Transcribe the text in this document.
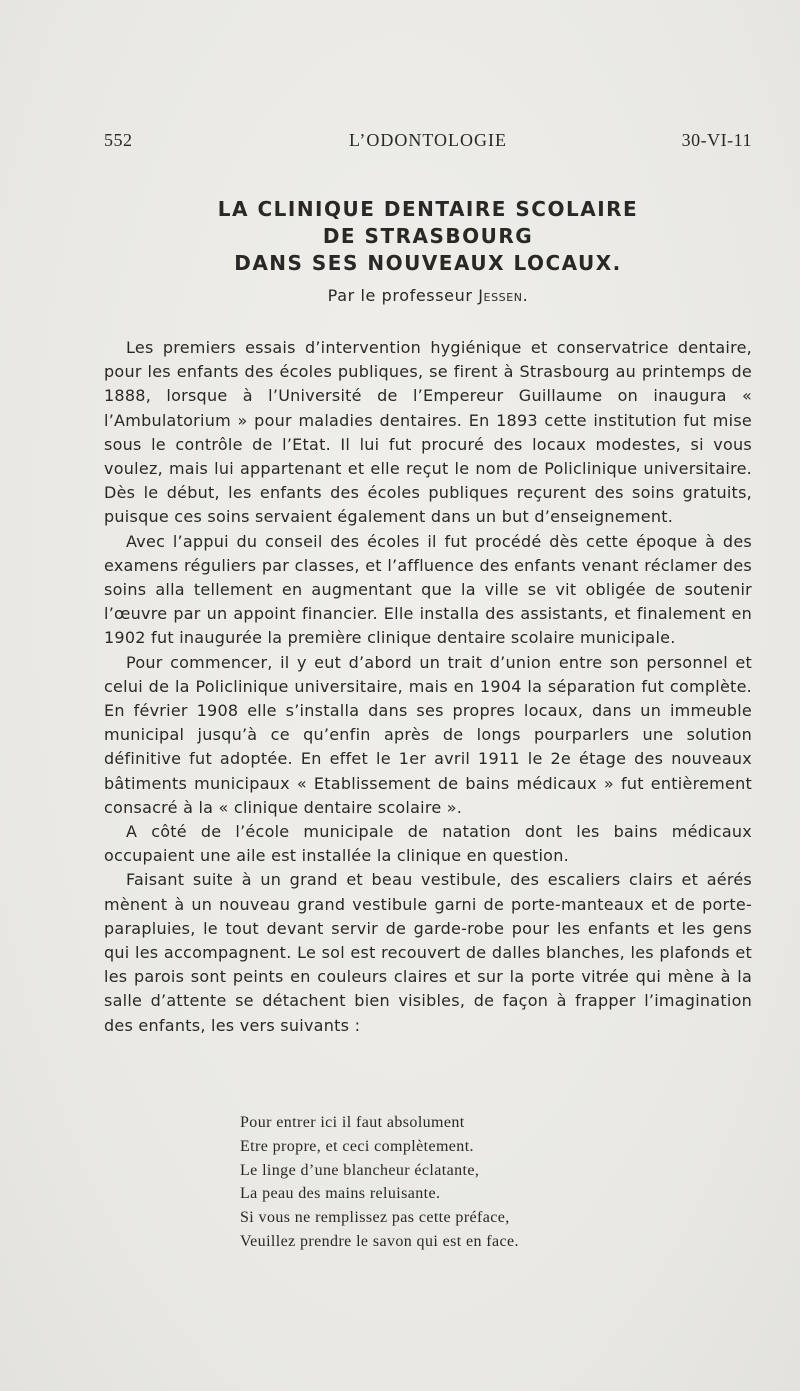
552	L’ODONTOLOGIE	30-VI-11
LA CLINIQUE DENTAIRE SCOLAIRE
DE STRASBOURG
DANS SES NOUVEAUX LOCAUX.
Par le professeur Jessen.

Les premiers essais d’intervention hygiénique et conservatrice dentaire, pour les enfants des écoles publiques, se firent à Strasbourg au printemps de 1888, lorsque à l’Université de l’Empereur Guillaume on inaugura « l’Ambulatorium » pour maladies dentaires. En 1893 cette institution fut mise sous le contrôle de l’Etat. Il lui fut procuré des locaux modestes, si vous voulez, mais lui appartenant et elle reçut le nom de Policlinique universitaire. Dès le début, les enfants des écoles publiques reçurent des soins gratuits, puisque ces soins servaient également dans un but d’enseignement.

Avec l’appui du conseil des écoles il fut procédé dès cette époque à des examens réguliers par classes, et l’affluence des enfants venant réclamer des soins alla tellement en augmentant que la ville se vit obligée de soutenir l’œuvre par un appoint financier. Elle installa des assistants, et finalement en 1902 fut inaugurée la première clinique dentaire scolaire municipale.

Pour commencer, il y eut d’abord un trait d’union entre son personnel et celui de la Policlinique universitaire, mais en 1904 la séparation fut complète. En février 1908 elle s’installa dans ses propres locaux, dans un immeuble municipal jusqu’à ce qu’enfin après de longs pourparlers une solution définitive fut adoptée. En effet le 1er avril 1911 le 2e étage des nouveaux bâtiments municipaux « Etablissement de bains médicaux » fut entièrement consacré à la « clinique dentaire scolaire ».

A côté de l’école municipale de natation dont les bains médicaux occupaient une aile est installée la clinique en question.

Faisant suite à un grand et beau vestibule, des escaliers clairs et aérés mènent à un nouveau grand vestibule garni de porte-manteaux et de porte-parapluies, le tout devant servir de garde-robe pour les enfants et les gens qui les accompagnent. Le sol est recouvert de dalles blanches, les plafonds et les parois sont peints en couleurs claires et sur la porte vitrée qui mène à la salle d’attente se détachent bien visibles, de façon à frapper l’imagination des enfants, les vers suivants :

Pour entrer ici il faut absolument
Etre propre, et ceci complètement.
Le linge d’une blancheur éclatante,
La peau des mains reluisante.
Si vous ne remplissez pas cette préface,
Veuillez prendre le savon qui est en face.
